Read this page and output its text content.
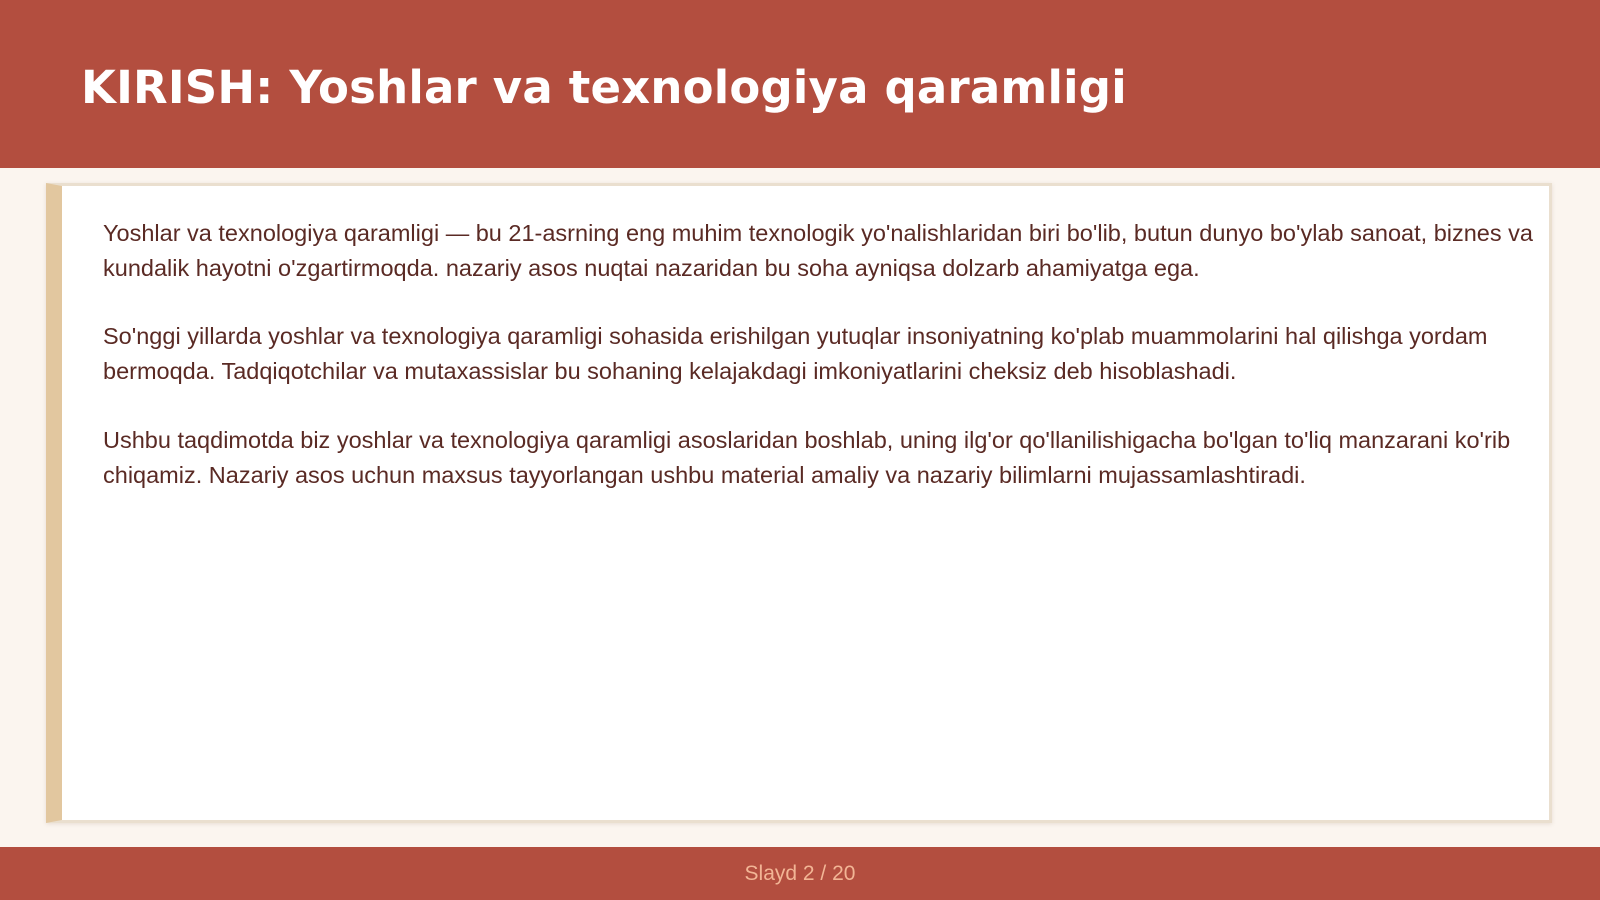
KIRISH: Yoshlar va texnologiya qaramligi

Yoshlar va texnologiya qaramligi — bu 21-asrning eng muhim texnologik yo'nalishlaridan biri bo'lib, butun dunyo bo'ylab sanoat, biznes va kundalik hayotni o'zgartirmoqda. nazariy asos nuqtai nazaridan bu soha ayniqsa dolzarb ahamiyatga ega.

So'nggi yillarda yoshlar va texnologiya qaramligi sohasida erishilgan yutuqlar insoniyatning ko'plab muammolarini hal qilishga yordam bermoqda. Tadqiqotchilar va mutaxassislar bu sohaning kelajakdagi imkoniyatlarini cheksiz deb hisoblashadi.

Ushbu taqdimotda biz yoshlar va texnologiya qaramligi asoslaridan boshlab, uning ilg'or qo'llanilishigacha bo'lgan to'liq manzarani ko'rib chiqamiz. Nazariy asos uchun maxsus tayyorlangan ushbu material amaliy va nazariy bilimlarni mujassamlashtiradi.

Slayd 2 / 20
